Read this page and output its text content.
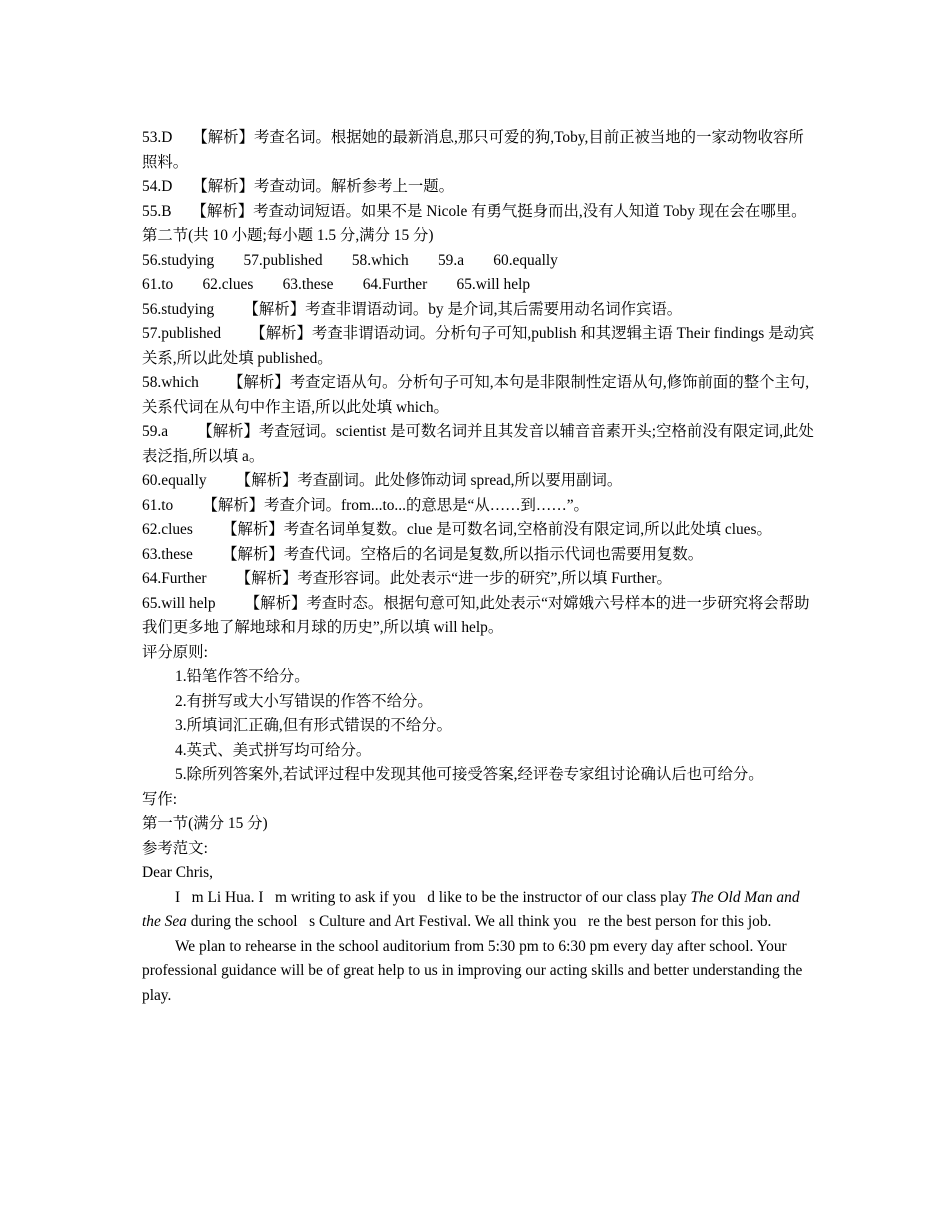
53.D 【解析】考查名词。根据她的最新消息,那只可爱的狗,Toby,目前正被当地的一家动物收容所照料。

54.D 【解析】考查动词。解析参考上一题。

55.B 【解析】考查动词短语。如果不是 Nicole 有勇气挺身而出,没有人知道 Toby 现在会在哪里。

第二节(共 10 小题;每小题 1.5 分,满分 15 分)

56.studying 57.published 58.which 59.a 60.equally

61.to 62.clues 63.these 64.Further 65.will help

56.studying 【解析】考查非谓语动词。by 是介词,其后需要用动名词作宾语。

57.published 【解析】考查非谓语动词。分析句子可知,publish 和其逻辑主语 Their findings 是动宾关系,所以此处填 published。

58.which 【解析】考查定语从句。分析句子可知,本句是非限制性定语从句,修饰前面的整个主句,关系代词在从句中作主语,所以此处填 which。

59.a 【解析】考查冠词。scientist 是可数名词并且其发音以辅音音素开头;空格前没有限定词,此处表泛指,所以填 a。

60.equally 【解析】考查副词。此处修饰动词 spread,所以要用副词。

61.to 【解析】考查介词。from...to...的意思是“从……到……”。

62.clues 【解析】考查名词单复数。clue 是可数名词,空格前没有限定词,所以此处填 clues。

63.these 【解析】考查代词。空格后的名词是复数,所以指示代词也需要用复数。

64.Further 【解析】考查形容词。此处表示“进一步的研究”,所以填 Further。

65.will help 【解析】考查时态。根据句意可知,此处表示“对嫦娥六号样本的进一步研究将会帮助我们更多地了解地球和月球的历史”,所以填 will help。

评分原则:

1.铅笔作答不给分。

2.有拼写或大小写错误的作答不给分。

3.所填词汇正确,但有形式错误的不给分。

4.英式、美式拼写均可给分。

5.除所列答案外,若试评过程中发现其他可接受答案,经评卷专家组讨论确认后也可给分。

写作:

第一节(满分 15 分)

参考范文:

Dear Chris,

I   m Li Hua. I   m writing to ask if you   d like to be the instructor of our class play The Old Man and the Sea during the school   s Culture and Art Festival. We all think you   re the best person for this job.

We plan to rehearse in the school auditorium from 5:30 pm to 6:30 pm every day after school. Your professional guidance will be of great help to us in improving our acting skills and better understanding the play.
